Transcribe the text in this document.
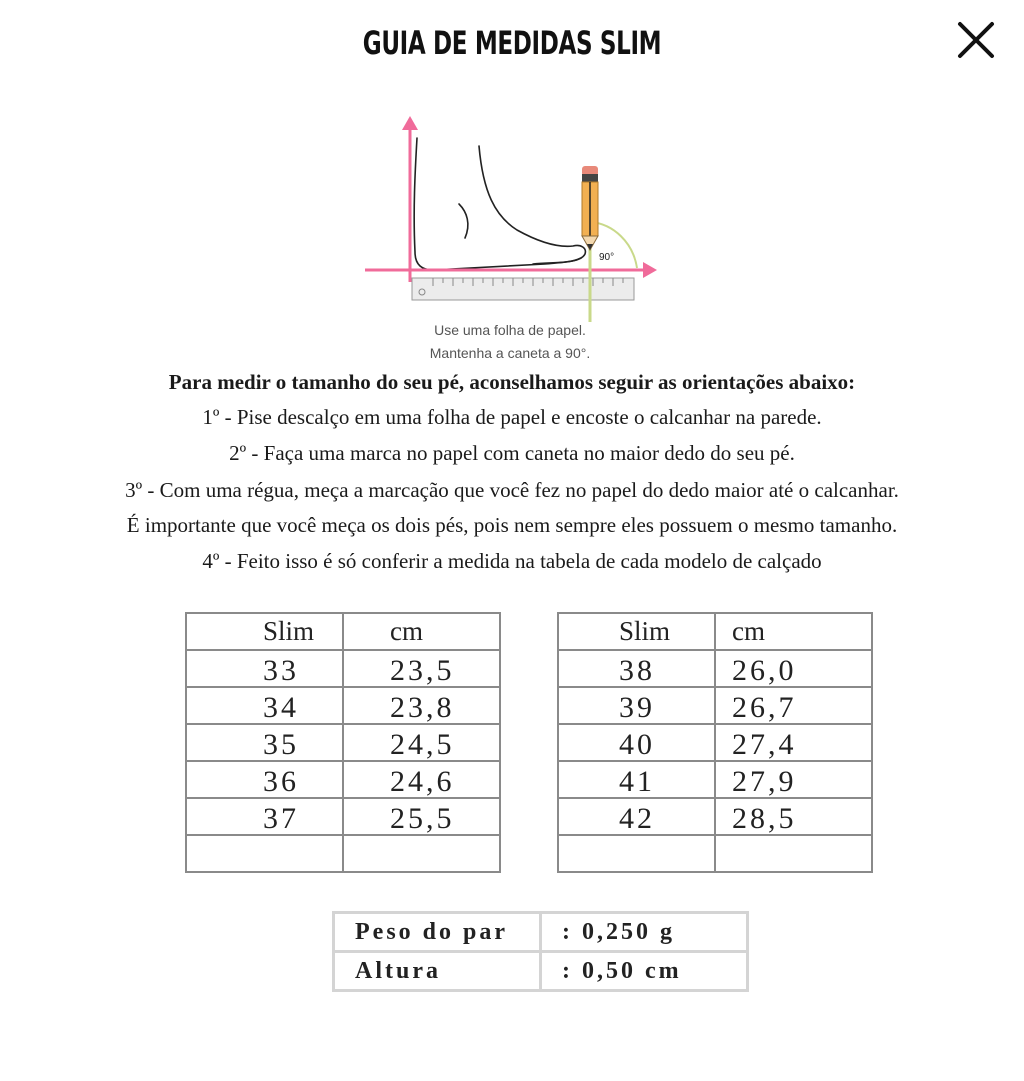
GUIA DE MEDIDAS SLIM
90°
Use uma folha de papel.
Mantenha a caneta a 90°.
Para medir o tamanho do seu pé, aconselhamos seguir as orientações abaixo:
1º - Pise descalço em uma folha de papel e encoste o calcanhar na parede.
2º - Faça uma marca no papel com caneta no maior dedo do seu pé.
3º - Com uma régua, meça a marcação que você fez no papel do dedo maior até o calcanhar.
É importante que você meça os dois pés, pois nem sempre eles possuem o mesmo tamanho.
4º - Feito isso é só conferir a medida na tabela de cada modelo de calçado
Slim	cm
33	23,5
34	23,8
35	24,5
36	24,6
37	25,5

Slim	cm
38	26,0
39	26,7
40	27,4
41	27,9
42	28,5

Peso do par	: 0,250 g
Altura	: 0,50 cm
